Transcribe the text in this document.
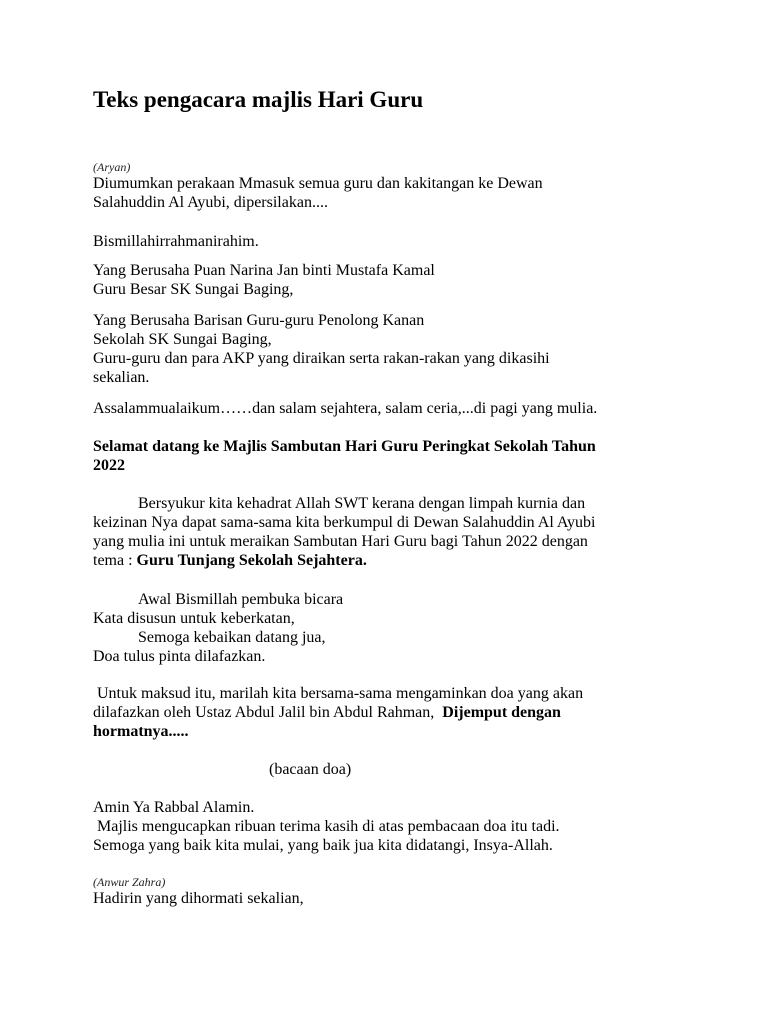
Teks pengacara majlis Hari Guru

(Aryan)

Diumumkan perakaan Mmasuk semua guru dan kakitangan ke Dewan

Salahuddin Al Ayubi, dipersilakan....

Bismillahirrahmanirahim.

Yang Berusaha Puan Narina Jan binti Mustafa Kamal

Guru Besar SK Sungai Baging,

Yang Berusaha Barisan Guru-guru Penolong Kanan

Sekolah SK Sungai Baging,

Guru-guru dan para AKP yang diraikan serta rakan-rakan yang dikasihi

sekalian.

Assalammualaikum……dan salam sejahtera, salam ceria,...di pagi yang mulia.

Selamat datang ke Majlis Sambutan Hari Guru Peringkat Sekolah Tahun

2022

Bersyukur kita kehadrat Allah SWT kerana dengan limpah kurnia dan

keizinan Nya dapat sama-sama kita berkumpul di Dewan Salahuddin Al Ayubi

yang mulia ini untuk meraikan Sambutan Hari Guru bagi Tahun 2022 dengan

tema : Guru Tunjang Sekolah Sejahtera.

Awal Bismillah pembuka bicara

Kata disusun untuk keberkatan,

Semoga kebaikan datang jua,

Doa tulus pinta dilafazkan.

Untuk maksud itu, marilah kita bersama-sama mengaminkan doa yang akan

dilafazkan oleh Ustaz Abdul Jalil bin Abdul Rahman,  Dijemput dengan

hormatnya.....

(bacaan doa)

Amin Ya Rabbal Alamin.

Majlis mengucapkan ribuan terima kasih di atas pembacaan doa itu tadi.

Semoga yang baik kita mulai, yang baik jua kita didatangi, Insya-Allah.

(Anwur Zahra)

Hadirin yang dihormati sekalian,
